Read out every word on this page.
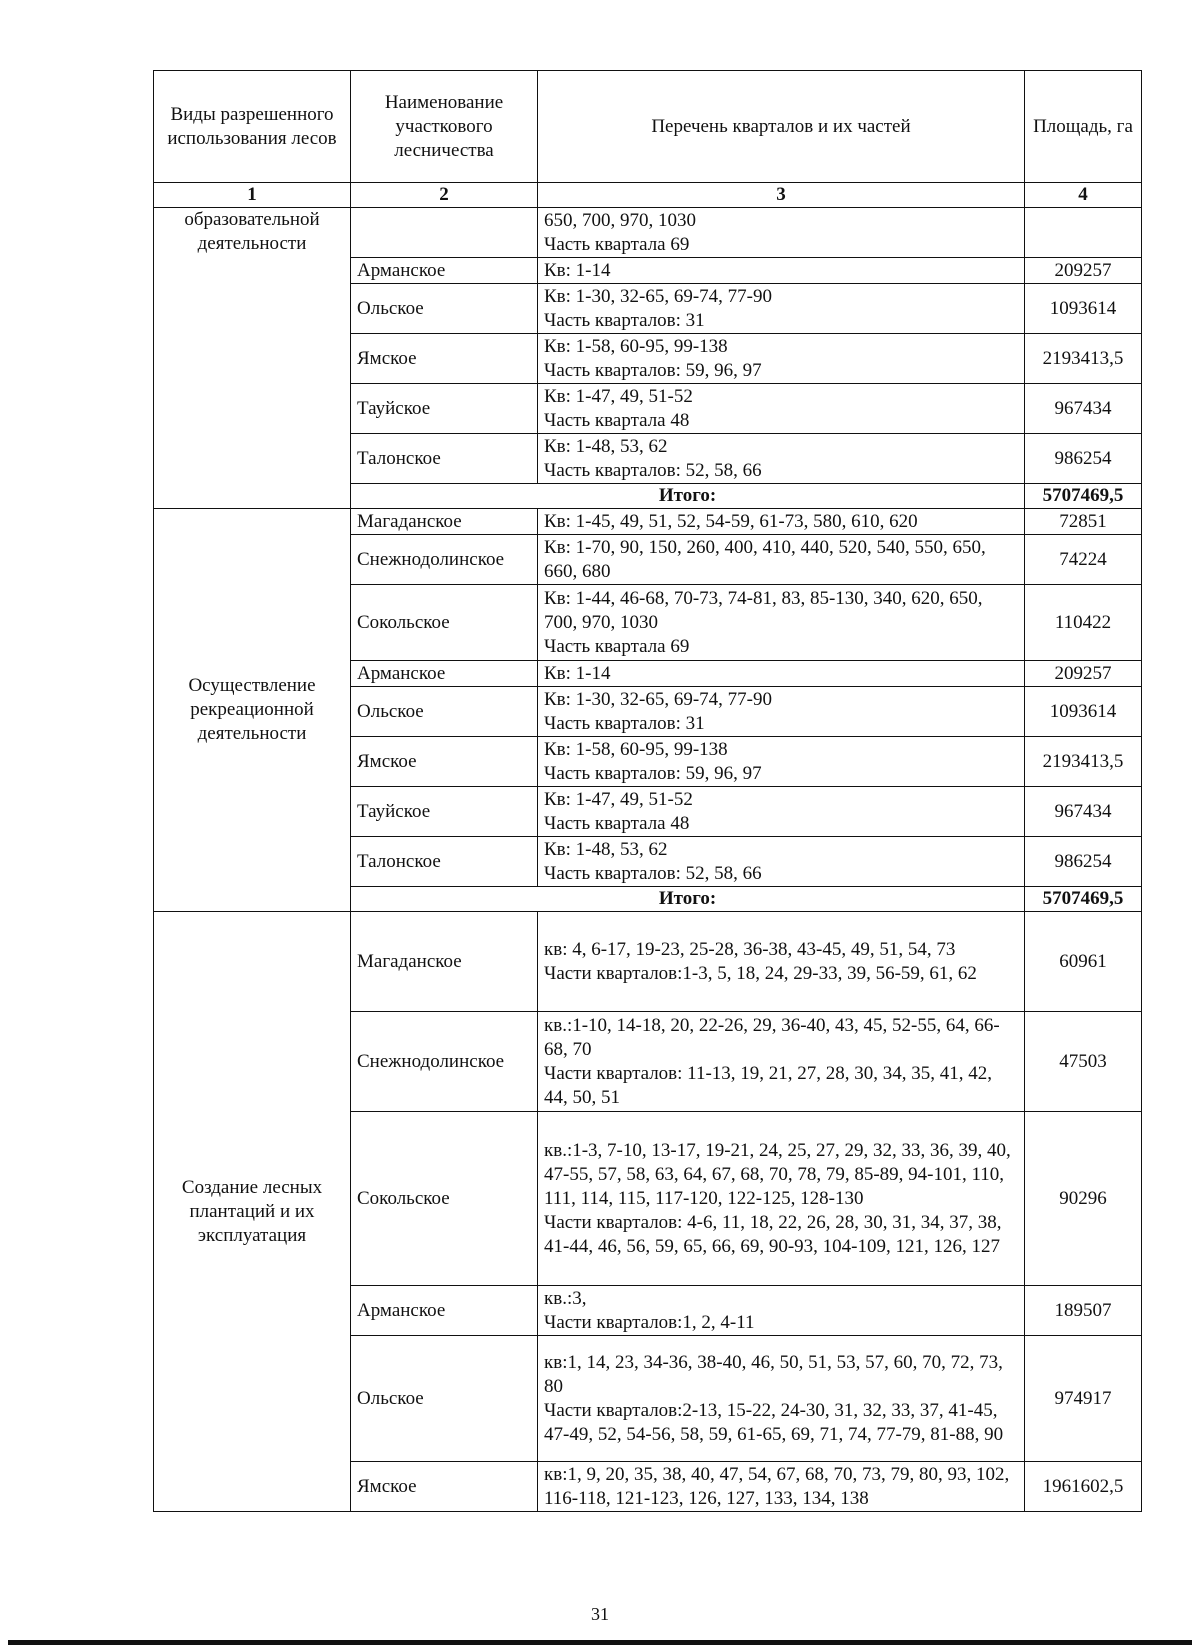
Виды разрешенного использования лесов	Наименование участкового лесничества	Перечень кварталов и их частей	Площадь, га
1	2	3	4
образовательной деятельности		650, 700, 970, 1030
Часть квартала 69	
	Арманское	Кв: 1-14	209257
	Ольское	Кв: 1-30, 32-65, 69-74, 77-90
Часть кварталов: 31	1093614
	Ямское	Кв: 1-58, 60-95, 99-138
Часть кварталов: 59, 96, 97	2193413,5
	Тауйское	Кв: 1-47, 49, 51-52
Часть квартала 48	967434
	Талонское	Кв: 1-48, 53, 62
Часть кварталов: 52, 58, 66	986254
	Итого:		5707469,5
Осуществление рекреационной деятельности	Магаданское	Кв: 1-45, 49, 51, 52, 54-59, 61-73, 580, 610, 620	72851
	Снежнодолинское	Кв: 1-70, 90, 150, 260, 400, 410, 440, 520, 540, 550, 650, 660, 680	74224
	Сокольское	Кв: 1-44, 46-68, 70-73, 74-81, 83, 85-130, 340, 620, 650, 700, 970, 1030
Часть квартала 69	110422
	Арманское	Кв: 1-14	209257
	Ольское	Кв: 1-30, 32-65, 69-74, 77-90
Часть кварталов: 31	1093614
	Ямское	Кв: 1-58, 60-95, 99-138
Часть кварталов: 59, 96, 97	2193413,5
	Тауйское	Кв: 1-47, 49, 51-52
Часть квартала 48	967434
	Талонское	Кв: 1-48, 53, 62
Часть кварталов: 52, 58, 66	986254
	Итого:		5707469,5
Создание лесных плантаций и их эксплуатация	Магаданское	кв: 4, 6-17, 19-23, 25-28, 36-38, 43-45, 49, 51, 54, 73
Части кварталов:1-3, 5, 18, 24, 29-33, 39, 56-59, 61, 62	60961
	Снежнодолинское	кв.:1-10, 14-18, 20, 22-26, 29, 36-40, 43, 45, 52-55, 64, 66-68, 70
Части кварталов: 11-13, 19, 21, 27, 28, 30, 34, 35, 41, 42, 44, 50, 51	47503
	Сокольское	кв.:1-3, 7-10, 13-17, 19-21, 24, 25, 27, 29, 32, 33, 36, 39, 40, 47-55, 57, 58, 63, 64, 67, 68, 70, 78, 79, 85-89, 94-101, 110, 111, 114, 115, 117-120, 122-125, 128-130
Части кварталов: 4-6, 11, 18, 22, 26, 28, 30, 31, 34, 37, 38, 41-44, 46, 56, 59, 65, 66, 69, 90-93, 104-109, 121, 126, 127	90296
	Арманское	кв.:3,
Части кварталов:1, 2, 4-11	189507
	Ольское	кв:1, 14, 23, 34-36, 38-40, 46, 50, 51, 53, 57, 60, 70, 72, 73, 80
Части кварталов:2-13, 15-22, 24-30, 31, 32, 33, 37, 41-45, 47-49, 52, 54-56, 58, 59, 61-65, 69, 71, 74, 77-79, 81-88, 90	974917
	Ямское	кв:1, 9, 20, 35, 38, 40, 47, 54, 67, 68, 70, 73, 79, 80, 93, 102, 116-118, 121-123, 126, 127, 133, 134, 138	1961602,5
31
